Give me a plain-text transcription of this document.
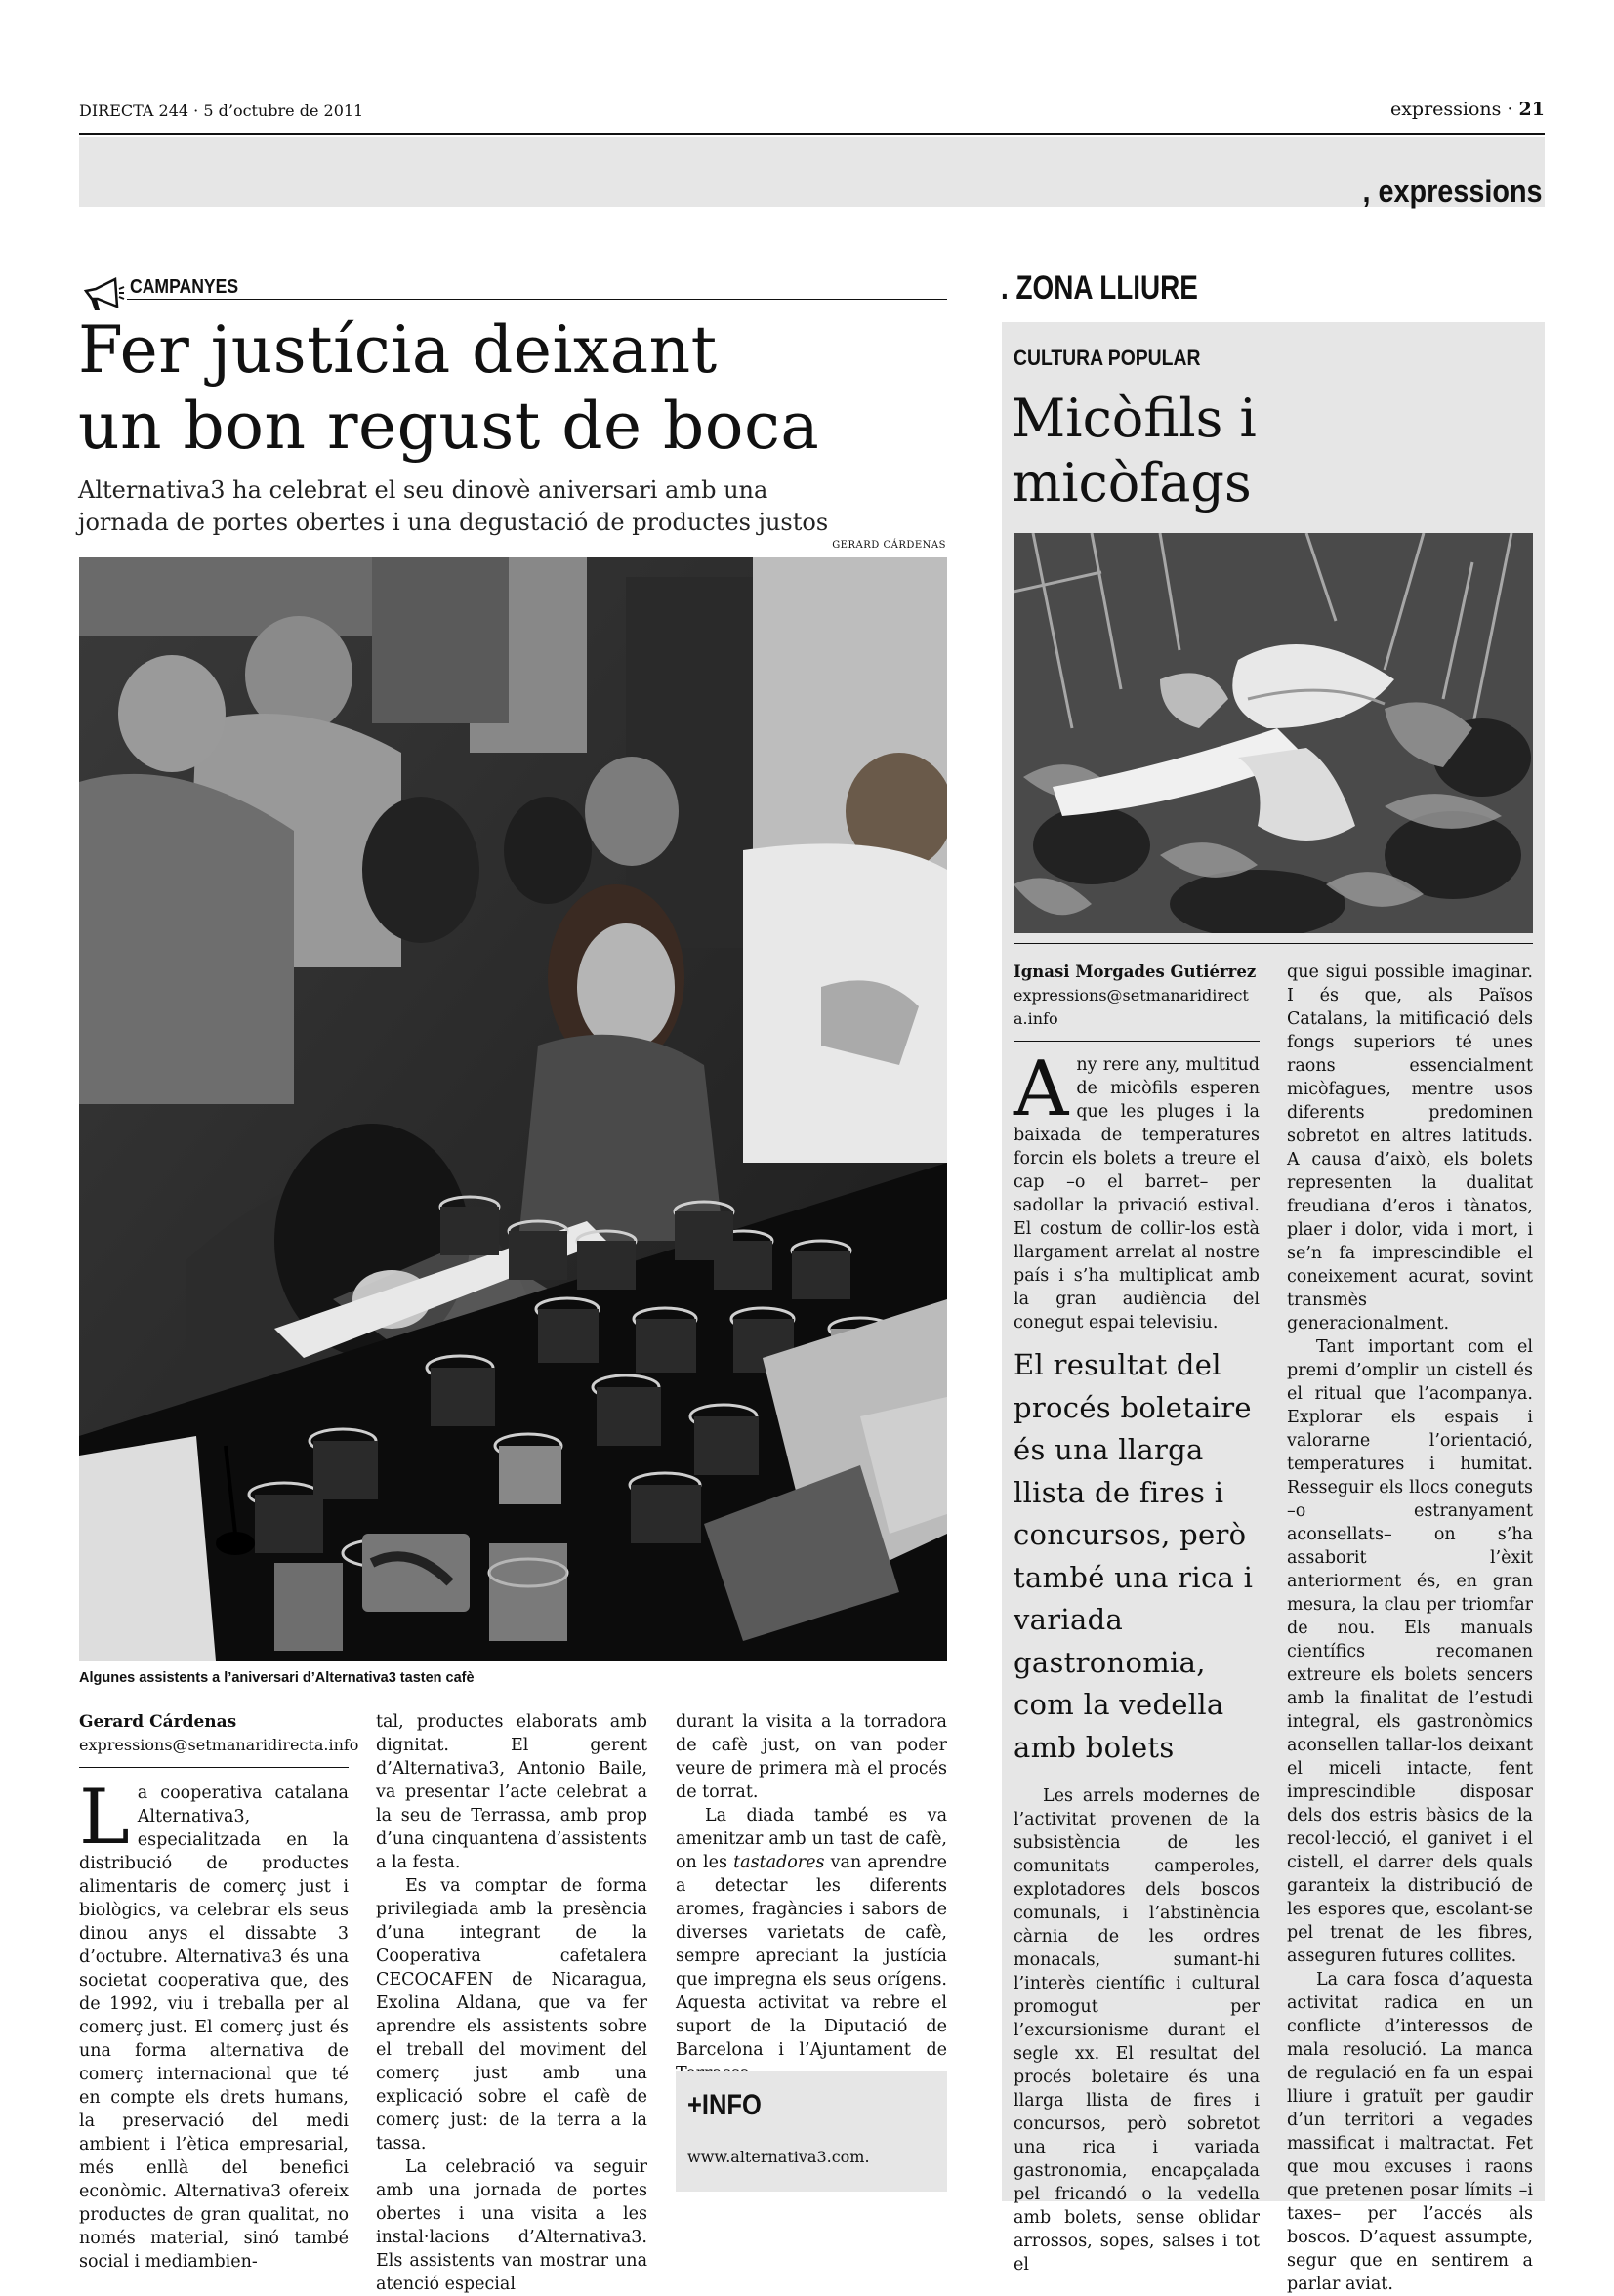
DIRECTA 244 · 5 d’octubre de 2011	expressions · 21
, expressions
CAMPANYES
Fer justícia deixant
un bon regust de boca
Alternativa3 ha celebrat el seu dinovè aniversari amb una
jornada de portes obertes i una degustació de productes justos
GERARD CÁRDENAS
Algunes assistents a l’aniversari d’Alternativa3 tasten cafè
Gerard Cárdenas
expressions@setmanaridirecta.info

L a cooperativa catalana Alternativa3, especialitzada en la distribució de productes alimentaris de comerç just i biològics, va celebrar els seus dinou anys el dissabte 3 d’octubre. Alternativa3 és una societat cooperativa que, des de 1992, viu i treballa per al comerç just. El comerç just és una forma alternativa de comerç internacional que té en compte els drets humans, la preservació del medi ambient i l’ètica empresarial, més enllà del benefici econòmic. Alternativa3 ofereix productes de gran qualitat, no només material, sinó també social i mediambien-

tal, productes elaborats amb dignitat. El gerent d’Alternativa3, Antonio Baile, va presentar l’acte celebrat a la seu de Terrassa, amb prop d’una cinquantena d’assistents a la festa.

Es va comptar de forma privilegiada amb la presència d’una integrant de la Cooperativa cafetalera CECOCAFEN de Nicaragua, Exolina Aldana, que va fer aprendre els assistents sobre el treball del moviment del comerç just amb una explicació sobre el cafè de comerç just: de la terra a la tassa.

La celebració va seguir amb una jornada de portes obertes i una visita a les instal·lacions d’Alternativa3. Els assistents van mostrar una atenció especial

durant la visita a la torradora de cafè just, on van poder veure de primera mà el procés de torrat.

La diada també es va amenitzar amb un tast de cafè, on les tastadores van aprendre a detectar les diferents aromes, fragàncies i sabors de diverses varietats de cafè, sempre apreciant la justícia que impregna els seus orígens. Aquesta activitat va rebre el suport de la Diputació de Barcelona i l’Ajuntament de

+INFO
www.alternativa3.com.
. ZONA LLIURE
CULTURA POPULAR
Micòfils i
micòfags
Ignasi Morgades Gutiérrez
expressions@setmanaridirecta.info

A ny rere any, multitud de micòfils esperen que les pluges i la baixada de temperatures forcin els bolets a treure el cap –o el barret– per sadollar la privació estival. El costum de collir-los està llargament arrelat al nostre país i s’ha multiplicat amb la gran audiència del conegut espai televisiu.

El resultat del procés boletaire és una llarga llista de fires i concursos, però també una rica i variada gastronomia, com la vedella amb bolets

Les arrels modernes de l’activitat provenen de la subsistència de les comunitats camperoles, explotadores dels boscos comunals, i l’abstinència càrnia de les ordres monacals, sumant-hi l’interès científic i cultural promogut per l’excursionisme durant el segle xx. El resultat del procés boletaire és una llarga llista de fires i concursos, però sobretot una rica i variada gastronomia, encapçalada pel fricandó o la vedella amb bolets, sense oblidar arrossos, sopes, salses i tot el

que sigui possible imaginar. I és que, als Països Catalans, la mitificació dels fongs superiors té unes raons essencialment micòfagues, mentre usos diferents predominen sobretot en altres latituds. A causa d’això, els bolets representen la dualitat freudiana d’eros i tànatos, plaer i dolor, vida i mort, i se’n fa imprescindible el coneixement acurat, sovint transmès generacionalment.

Tant important com el premi d’omplir un cistell és el ritual que l’acompanya. Explorar els espais i valorarne l’orientació, temperatures i humitat. Resseguir els llocs coneguts –o estranyament aconsellats– on s’ha assaborit l’èxit anteriorment és, en gran mesura, la clau per triomfar de nou. Els manuals científics recomanen extreure els bolets sencers amb la finalitat de l’estudi integral, els gastronòmics aconsellen tallar-los deixant el miceli intacte, fent imprescindible disposar dels dos estris bàsics de la recol·lecció, el ganivet i el cistell, el darrer dels quals garanteix la distribució de les espores que, escolant-se pel trenat de les fibres, asseguren futures collites.

La cara fosca d’aquesta activitat radica en un conflicte d’interessos de mala resolució. La manca de regulació en fa un espai lliure i gratuït per gaudir d’un territori a vegades massificat i maltractat. Fet que mou excuses i raons que pretenen posar límits –i taxes– per l’accés als boscos. D’aquest assumpte, segur que en sentirem a parlar aviat.
